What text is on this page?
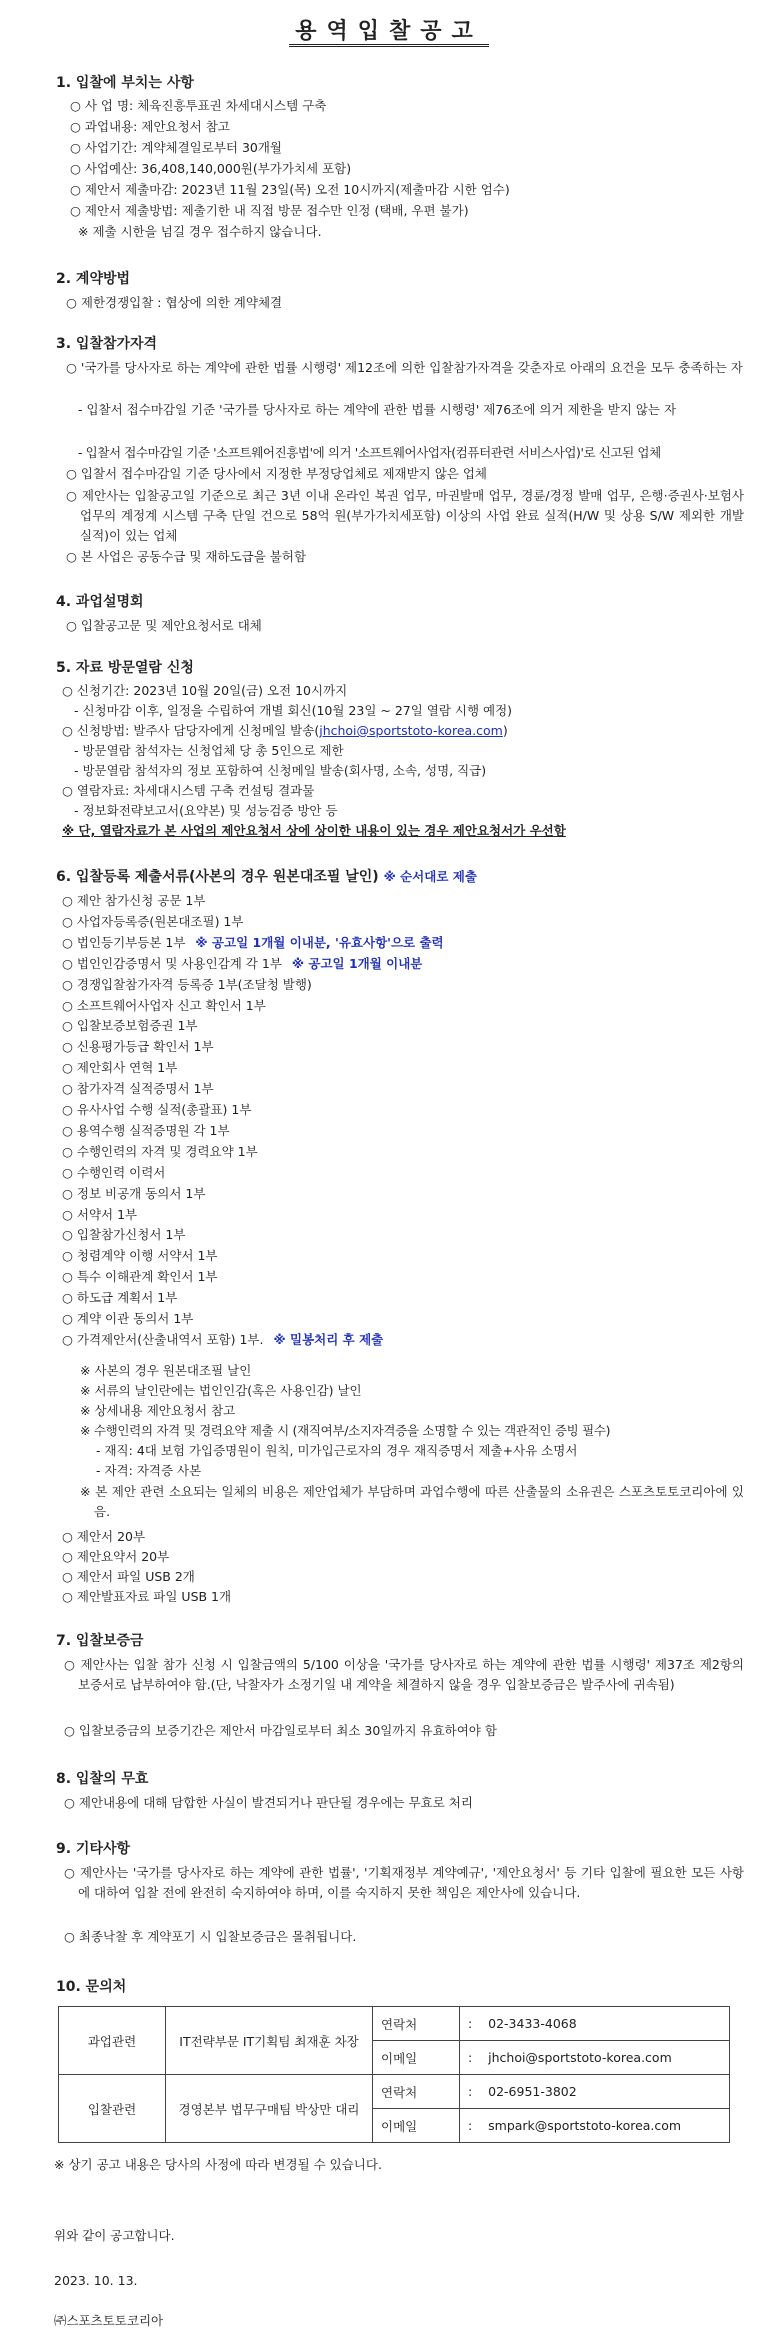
용역입찰공고
1. 입찰에 부치는 사항
○ 사 업 명: 체육진흥투표권 차세대시스템 구축
○ 과업내용: 제안요청서 참고
○ 사업기간: 계약체결일로부터 30개월
○ 사업예산: 36,408,140,000원(부가가치세 포함)
○ 제안서 제출마감: 2023년 11월 23일(목) 오전 10시까지(제출마감 시한 엄수)
○ 제안서 제출방법: 제출기한 내 직접 방문 접수만 인정 (택배, 우편 불가)
※ 제출 시한을 넘길 경우 접수하지 않습니다.
2. 계약방법
○ 제한경쟁입찰 : 협상에 의한 계약체결
3. 입찰참가자격
○ '국가를 당사자로 하는 계약에 관한 법률 시행령' 제12조에 의한 입찰참가자격을 갖춘자로 아래의 요건을 모두 충족하는 자
- 입찰서 접수마감일 기준 '국가를 당사자로 하는 계약에 관한 법률 시행령' 제76조에 의거 제한을 받지 않는 자
- 입찰서 접수마감일 기준 '소프트웨어진흥법'에 의거 '소프트웨어사업자(컴퓨터관련 서비스사업)'로 신고된 업체
○ 입찰서 접수마감일 기준 당사에서 지정한 부정당업체로 제재받지 않은 업체
○ 제안사는 입찰공고일 기준으로 최근 3년 이내 온라인 복권 업무, 마권발매 업무, 경륜/경정 발매 업무, 은행·증권사·보험사 업무의 계정계 시스템 구축 단일 건으로 58억 원(부가가치세포함) 이상의 사업 완료 실적(H/W 및 상용 S/W 제외한 개발 실적)이 있는 업체
○ 본 사업은 공동수급 및 재하도급을 불허함
4. 과업설명회
○ 입찰공고문 및 제안요청서로 대체
5. 자료 방문열람 신청
○ 신청기간: 2023년 10월 20일(금) 오전 10시까지
- 신청마감 이후, 일정을 수립하여 개별 회신(10월 23일 ~ 27일 열람 시행 예정)
○ 신청방법: 발주사 담당자에게 신청메일 발송(jhchoi@sportstoto-korea.com)
- 방문열람 참석자는 신청업체 당 총 5인으로 제한
- 방문열람 참석자의 정보 포함하여 신청메일 발송(회사명, 소속, 성명, 직급)
○ 열람자료: 차세대시스템 구축 컨설팅 결과물
- 정보화전략보고서(요약본) 및 성능검증 방안 등
※ 단, 열람자료가 본 사업의 제안요청서 상에 상이한 내용이 있는 경우 제안요청서가 우선함
6. 입찰등록 제출서류(사본의 경우 원본대조필 날인) ※ 순서대로 제출
○ 제안 참가신청 공문 1부
○ 사업자등록증(원본대조필) 1부
○ 법인등기부등본 1부 ※ 공고일 1개월 이내분, '유효사항'으로 출력
○ 법인인감증명서 및 사용인감계 각 1부 ※ 공고일 1개월 이내분
○ 경쟁입찰참가자격 등록증 1부(조달청 발행)
○ 소프트웨어사업자 신고 확인서 1부
○ 입찰보증보험증권 1부
○ 신용평가등급 확인서 1부
○ 제안회사 연혁 1부
○ 참가자격 실적증명서 1부
○ 유사사업 수행 실적(총괄표) 1부
○ 용역수행 실적증명원 각 1부
○ 수행인력의 자격 및 경력요약 1부
○ 수행인력 이력서
○ 정보 비공개 동의서 1부
○ 서약서 1부
○ 입찰참가신청서 1부
○ 청렴계약 이행 서약서 1부
○ 특수 이해관계 확인서 1부
○ 하도급 계획서 1부
○ 계약 이관 동의서 1부
○ 가격제안서(산출내역서 포함) 1부. ※ 밀봉처리 후 제출
※ 사본의 경우 원본대조필 날인
※ 서류의 날인란에는 법인인감(혹은 사용인감) 날인
※ 상세내용 제안요청서 참고
※ 수행인력의 자격 및 경력요약 제출 시 (재직여부/소지자격증을 소명할 수 있는 객관적인 증빙 필수)
- 재직: 4대 보험 가입증명원이 원칙, 미가입근로자의 경우 재직증명서 제출+사유 소명서
- 자격: 자격증 사본
※ 본 제안 관련 소요되는 일체의 비용은 제안업체가 부담하며 과업수행에 따른 산출물의 소유권은 스포츠토토코리아에 있음.
○ 제안서 20부
○ 제안요약서 20부
○ 제안서 파일 USB 2개
○ 제안발표자료 파일 USB 1개
7. 입찰보증금
○ 제안사는 입찰 참가 신청 시 입찰금액의 5/100 이상을 '국가를 당사자로 하는 계약에 관한 법률 시행령' 제37조 제2항의 보증서로 납부하여야 함.(단, 낙찰자가 소정기일 내 계약을 체결하지 않을 경우 입찰보증금은 발주사에 귀속됨)
○ 입찰보증금의 보증기간은 제안서 마감일로부터 최소 30일까지 유효하여야 함
8. 입찰의 무효
○ 제안내용에 대해 담합한 사실이 발견되거나 판단될 경우에는 무효로 처리
9. 기타사항
○ 제안사는 '국가를 당사자로 하는 계약에 관한 법률', '기획재정부 계약예규', '제안요청서' 등 기타 입찰에 필요한 모든 사항에 대하여 입찰 전에 완전히 숙지하여야 하며, 이를 숙지하지 못한 책임은 제안사에 있습니다.
○ 최종낙찰 후 계약포기 시 입찰보증금은 몰취됩니다.
10. 문의처
과업관련	IT전략부문 IT기획팀 최재훈 차장	연락처	: 02-3433-4068
		이메일	: jhchoi@sportstoto-korea.com
입찰관련	경영본부 법무구매팀 박상만 대리	연락처	: 02-6951-3802
		이메일	: smpark@sportstoto-korea.com
※ 상기 공고 내용은 당사의 사정에 따라 변경될 수 있습니다.
위와 같이 공고합니다.
2023. 10. 13.
㈜스포츠토토코리아
